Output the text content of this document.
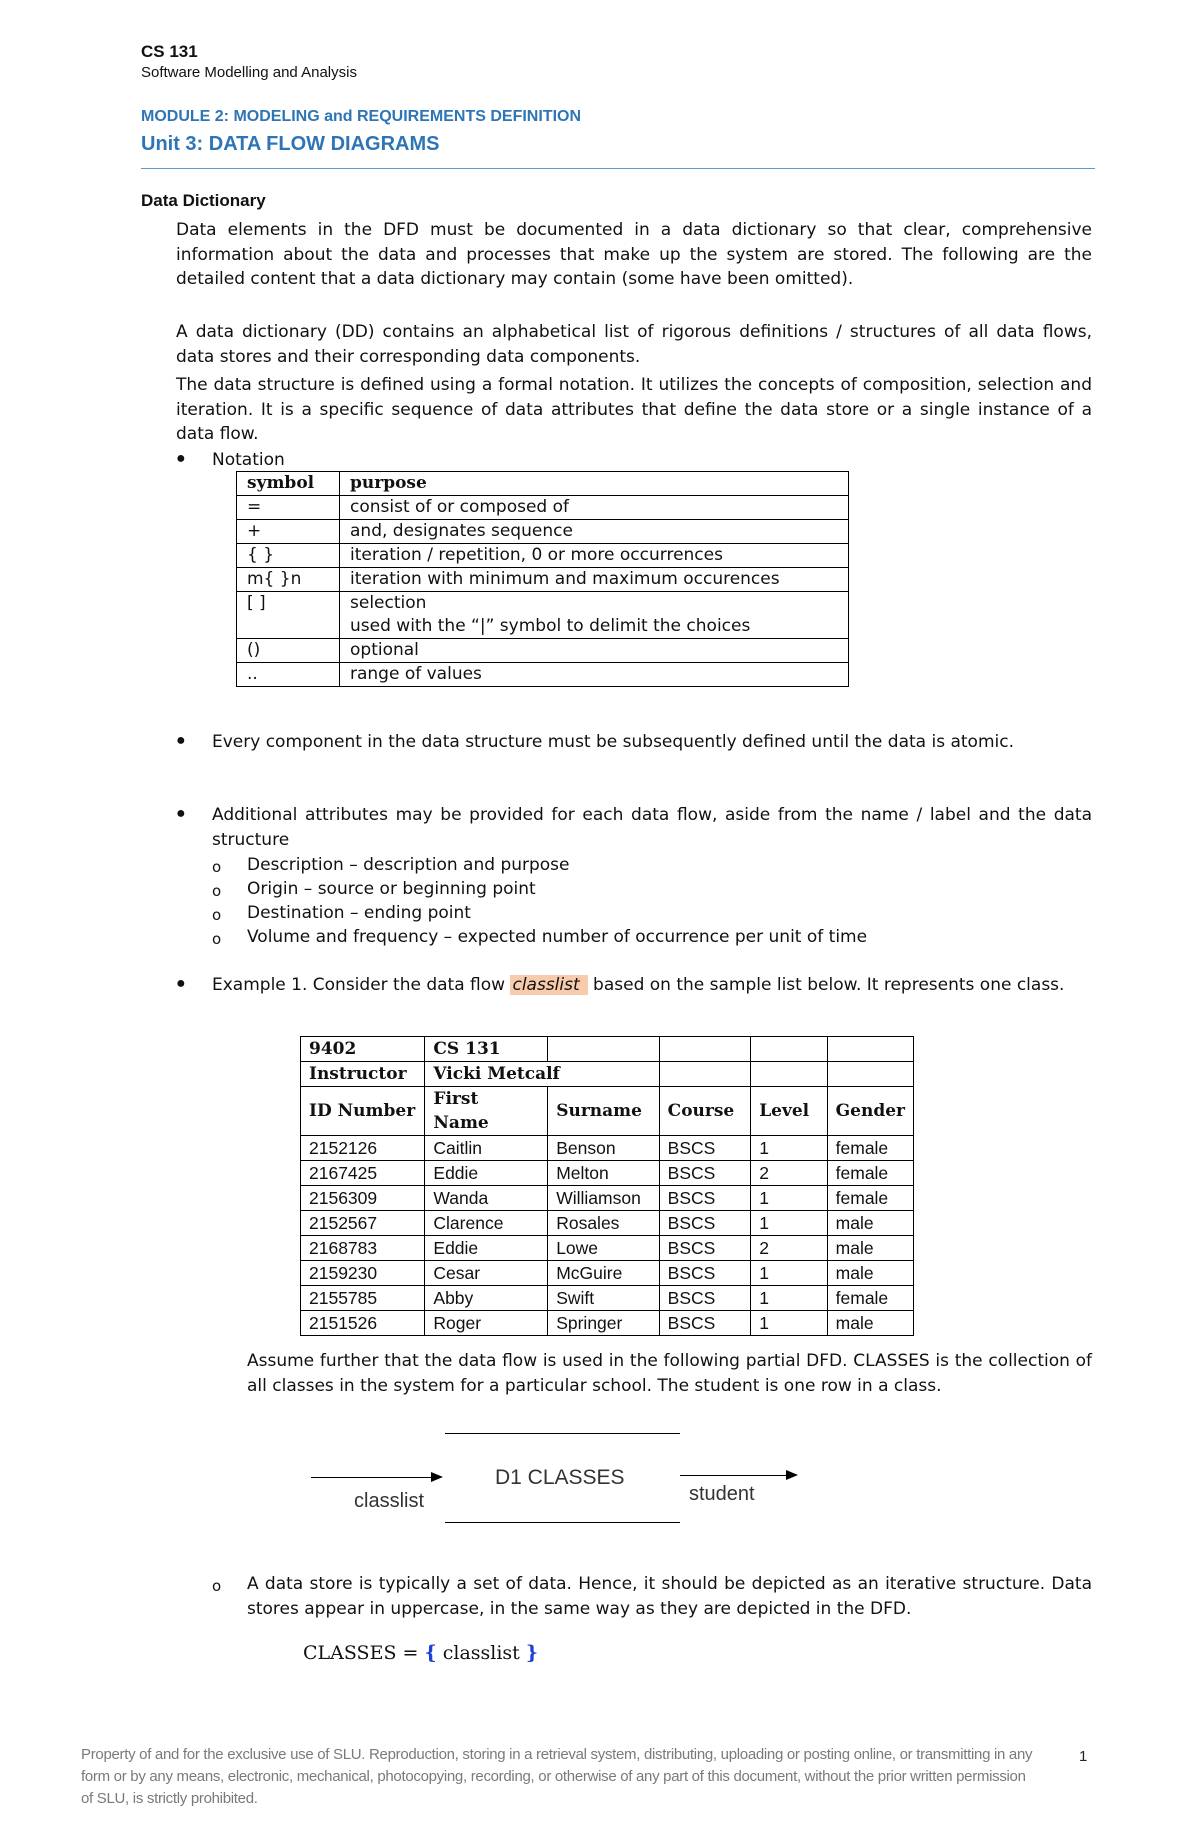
CS 131
Software Modelling and Analysis
MODULE 2: MODELING and REQUIREMENTS DEFINITION
Unit 3: DATA FLOW DIAGRAMS
Data Dictionary
Data elements in the DFD must be documented in a data dictionary so that clear, comprehensive information about the data and processes that make up the system are stored. The following are the detailed content that a data dictionary may contain (some have been omitted).
A data dictionary (DD) contains an alphabetical list of rigorous definitions / structures of all data flows, data stores and their corresponding data components.
The data structure is defined using a formal notation. It utilizes the concepts of composition, selection and iteration. It is a specific sequence of data attributes that define the data store or a single instance of a data flow.
● Notation
symbol	purpose
=	consist of or composed of
+	and, designates sequence
{ }	iteration / repetition, 0 or more occurrences
m{ }n	iteration with minimum and maximum occurences
[ ]	selection
used with the “|” symbol to delimit the choices

()	optional
..	range of values
● Every component in the data structure must be subsequently defined until the data is atomic.
● Additional attributes may be provided for each data flow, aside from the name / label and the data structure
o Description – description and purpose
o Origin – source or beginning point
o Destination – ending point
o Volume and frequency – expected number of occurrence per unit of time
● Example 1. Consider the data flow classlist based on the sample list below. It represents one class.
9402	CS 131				
Instructor	Vicki Metcalf				
ID Number	First Name	Surname	Course	Level	Gender
2152126	Caitlin	Benson	BSCS	1	female
2167425	Eddie	Melton	BSCS	2	female
2156309	Wanda	Williamson	BSCS	1	female
2152567	Clarence	Rosales	BSCS	1	male
2168783	Eddie	Lowe	BSCS	2	male
2159230	Cesar	McGuire	BSCS	1	male
2155785	Abby	Swift	BSCS	1	female
2151526	Roger	Springer	BSCS	1	male
Assume further that the data flow is used in the following partial DFD. CLASSES is the collection of all classes in the system for a particular school. The student is one row in a class.
D1 CLASSES
classlist	student
o A data store is typically a set of data. Hence, it should be depicted as an iterative structure. Data stores appear in uppercase, in the same way as they are depicted in the DFD.
CLASSES = { classlist }
Property of and for the exclusive use of SLU. Reproduction, storing in a retrieval system, distributing, uploading or posting online, or transmitting in any form or by any means, electronic, mechanical, photocopying, recording, or otherwise of any part of this document, without the prior written permission of SLU, is strictly prohibited.
1
